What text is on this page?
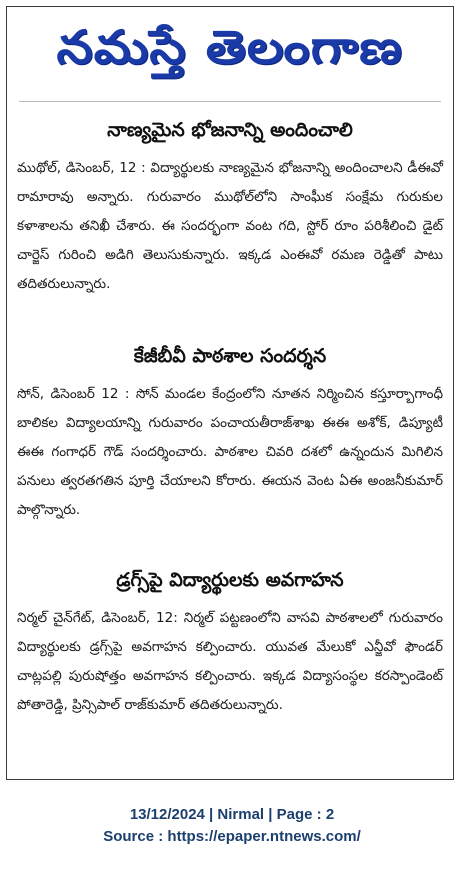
నమస్తే తెలంగాణ
నాణ్యమైన భోజనాన్ని అందించాలి

ముథోల్, డిసెంబర్, 12 : విద్యార్థులకు నాణ్యమైన భోజనాన్ని అందించాలని డీఈవో రామారావు అన్నారు. గురువారం ముథోల్‌లోని సాంఘీక సంక్షేమ గురుకుల కళాశాలను తనిఖీ చేశారు. ఈ సందర్భంగా వంట గది, స్టోర్ రూం పరిశీలించి డైట్ చార్జెస్ గురించి అడిగి తెలుసుకున్నారు. ఇక్కడ ఎంఈవో రమణ రెడ్డితో పాటు తదితరులున్నారు.

కేజీబీవీ పాఠశాల సందర్శన

సోన్, డిసెంబర్ 12 : సోన్ మండల కేంద్రంలోని నూతన నిర్మించిన కస్తూర్బాగాంధీ బాలికల విద్యాలయాన్ని గురువారం పంచాయతీరాజ్‌శాఖ ఈఈ అశోక్, డిప్యూటీ ఈఈ గంగాధర్ గౌడ్ సందర్శించారు. పాఠశాల చివరి దశలో ఉన్నందున మిగిలిన పనులు త్వరతగతిన పూర్తి చేయాలని కోరారు. ఈయన వెంట ఏఈ అంజనీకుమార్ పాల్గొన్నారు.

డ్రగ్స్‌పై విద్యార్థులకు అవగాహన

నిర్మల్ చైన్‌గేట్, డిసెంబర్, 12: నిర్మల్ పట్టణంలోని వాసవి పాఠశాలలో గురువారం విద్యార్థులకు డ్రగ్స్‌పై అవగాహన కల్పించారు. యువత మేలుకో ఎన్జీవో ఫౌండర్ చాట్లపల్లి పురుషోత్తం అవగాహన కల్పించారు. ఇక్కడ విద్యాసంస్థల కరస్పాండెంట్ పోతారెడ్డి, ప్రిన్సిపాల్ రాజ్‌కుమార్ తదితరులున్నారు.

13/12/2024 | Nirmal | Page : 2
Source : https://epaper.ntnews.com/
